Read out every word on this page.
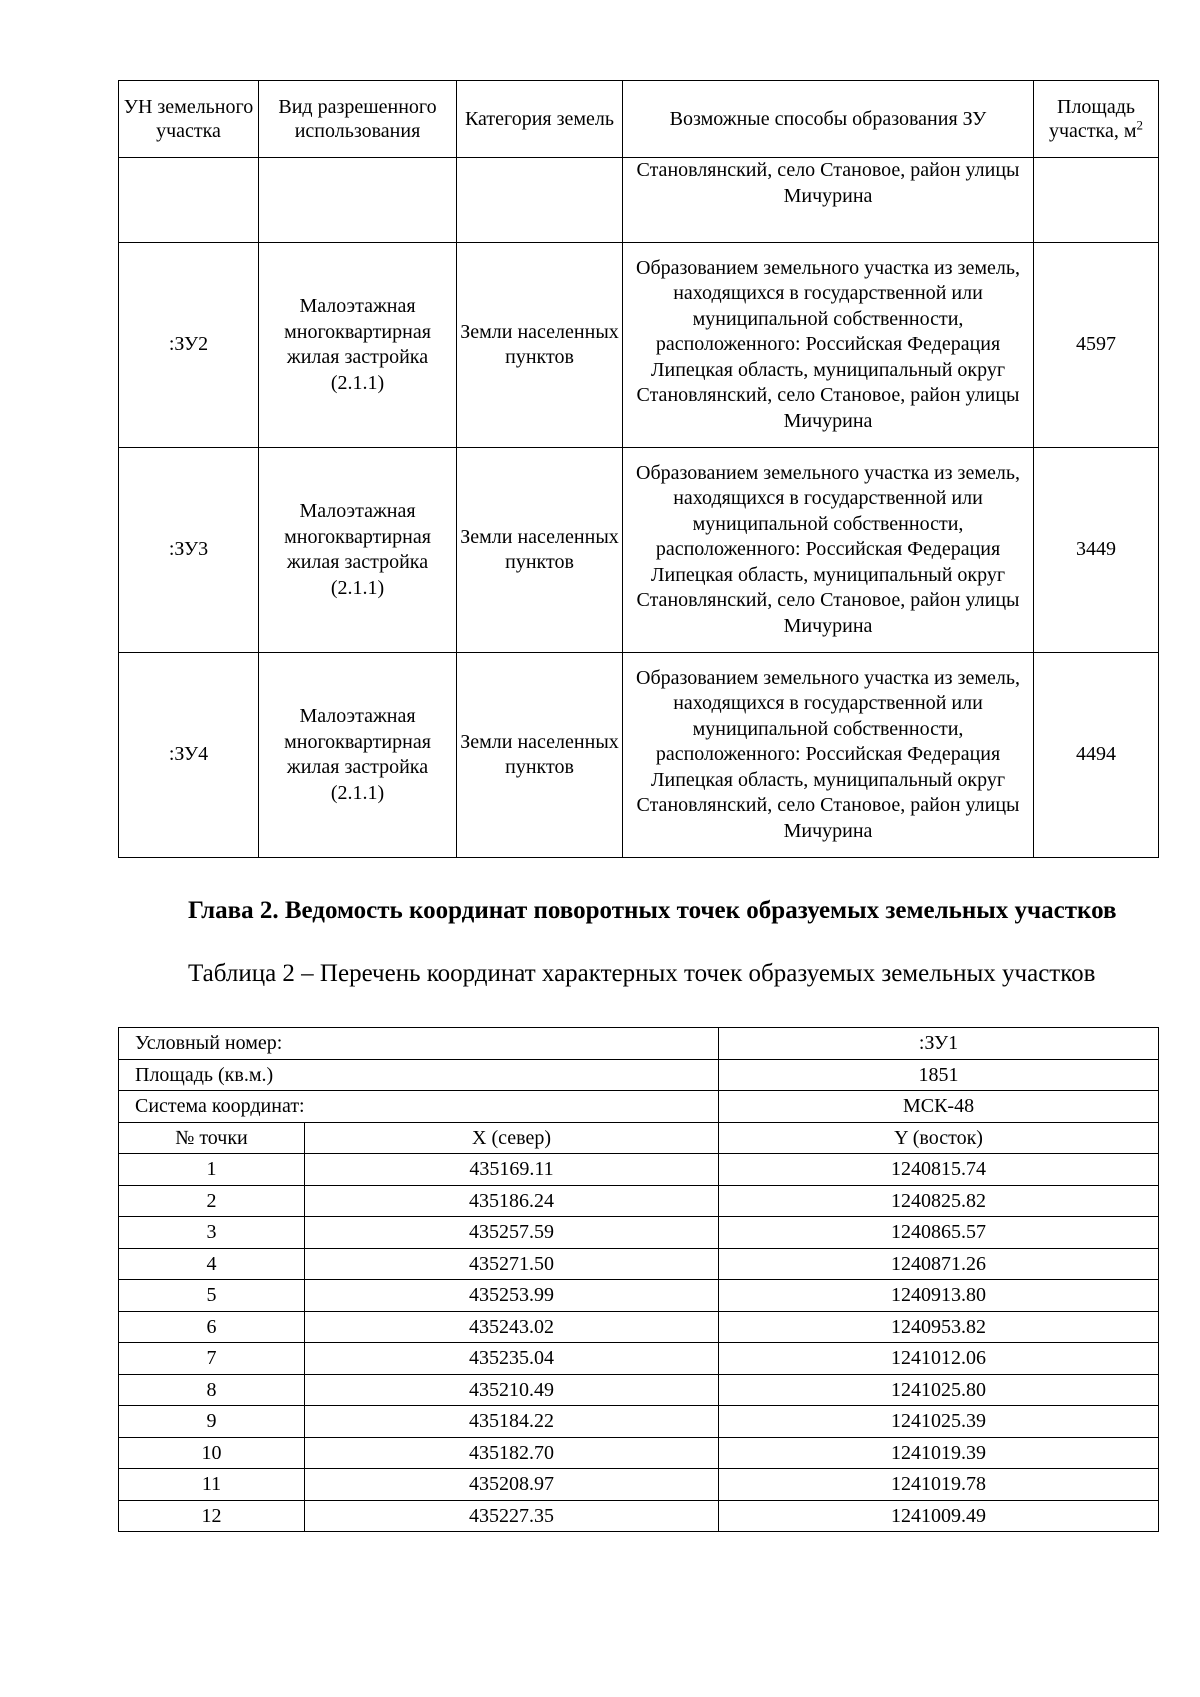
УН земельного участка	Вид разрешенного использования	Категория земель	Возможные способы образования ЗУ	Площадь участка, $м^2$
			Становлянский, село Становое, район улицы Мичурина	
:ЗУ2	Малоэтажная многоквартирная жилая застройка (2.1.1)	Земли населенных пунктов	Образованием земельного участка из земель, находящихся в государственной или муниципальной собственности, расположенного: Российская Федерация Липецкая область, муниципальный округ Становлянский, село Становое, район улицы Мичурина	4597
:ЗУ3	Малоэтажная многоквартирная жилая застройка (2.1.1)	Земли населенных пунктов	Образованием земельного участка из земель, находящихся в государственной или муниципальной собственности, расположенного: Российская Федерация Липецкая область, муниципальный округ Становлянский, село Становое, район улицы Мичурина	3449
:ЗУ4	Малоэтажная многоквартирная жилая застройка (2.1.1)	Земли населенных пунктов	Образованием земельного участка из земель, находящихся в государственной или муниципальной собственности, расположенного: Российская Федерация Липецкая область, муниципальный округ Становлянский, село Становое, район улицы Мичурина	4494

Глава 2. Ведомость координат поворотных точек образуемых земельных участков

Таблица 2 – Перечень координат характерных точек образуемых земельных участков

Условный номер:		:ЗУ1
Площадь (кв.м.)		1851
Система координат:		МСК-48
№ точки	X (север)	Y (восток)
1	435169.11	1240815.74
2	435186.24	1240825.82
3	435257.59	1240865.57
4	435271.50	1240871.26
5	435253.99	1240913.80
6	435243.02	1240953.82
7	435235.04	1241012.06
8	435210.49	1241025.80
9	435184.22	1241025.39
10	435182.70	1241019.39
11	435208.97	1241019.78
12	435227.35	1241009.49
